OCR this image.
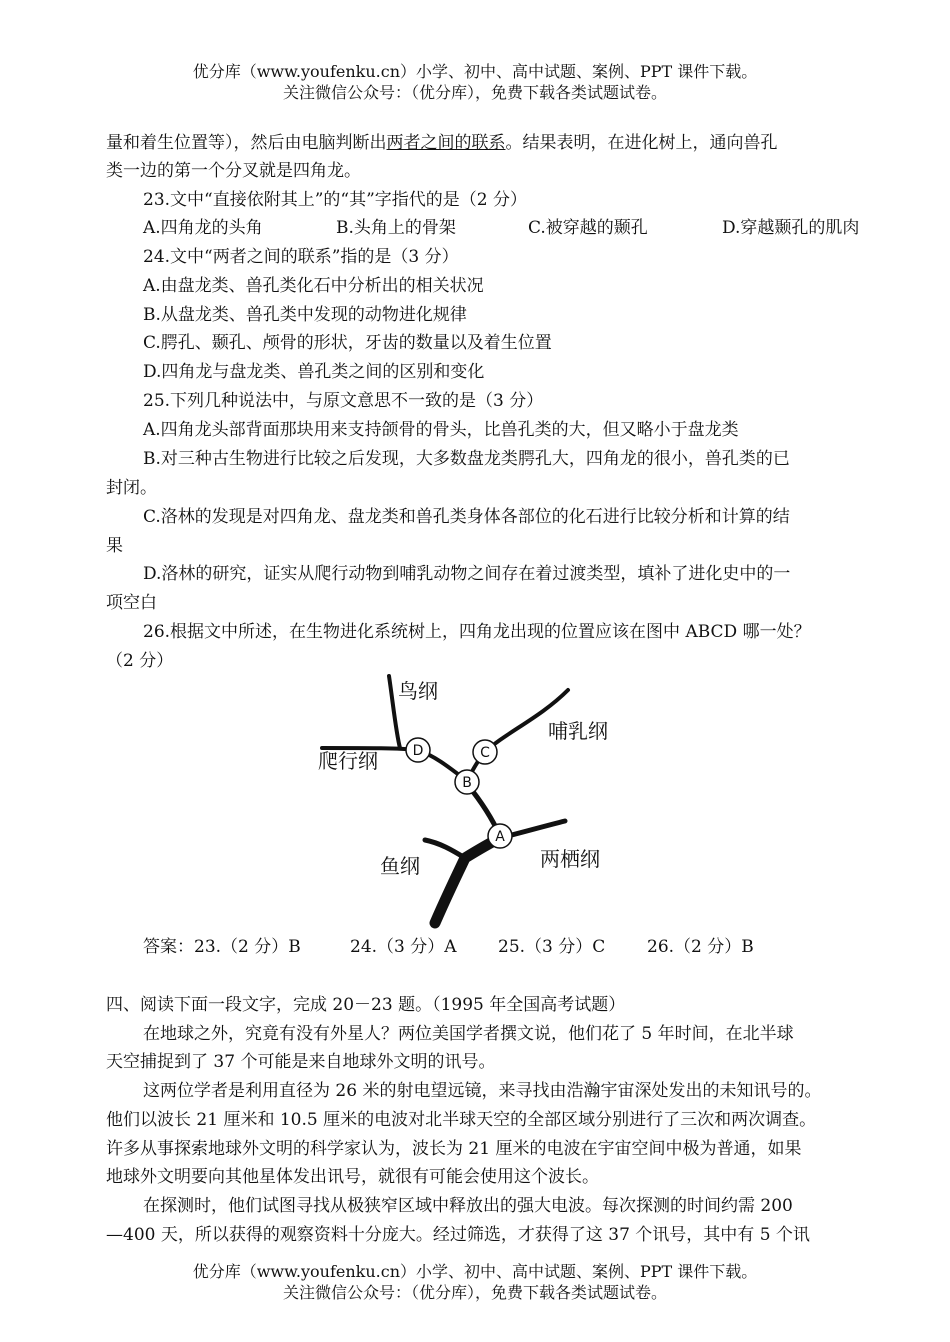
优分库（www.youfenku.cn）小学、初中、高中试题、案例、PPT 课件下载。
关注微信公众号：（优分库），免费下载各类试题试卷。
量和着生位置等），然后由电脑判断出两者之间的联系。结果表明，在进化树上，通向兽孔
类一边的第一个分叉就是四角龙。
23.文中“直接依附其上”的“其”字指代的是（2 分）
A.四角龙的头角	B.头角上的骨架	C.被穿越的颞孔	D.穿越颞孔的肌肉
24.文中“两者之间的联系”指的是（3 分）
A.由盘龙类、兽孔类化石中分析出的相关状况
B.从盘龙类、兽孔类中发现的动物进化规律
C.腭孔、颞孔、颅骨的形状，牙齿的数量以及着生位置
D.四角龙与盘龙类、兽孔类之间的区别和变化
25.下列几种说法中，与原文意思不一致的是（3 分）
A.四角龙头部背面那块用来支持颌骨的骨头，比兽孔类的大，但又略小于盘龙类
B.对三种古生物进行比较之后发现，大多数盘龙类腭孔大，四角龙的很小，兽孔类的已
封闭。
C.洛林的发现是对四角龙、盘龙类和兽孔类身体各部位的化石进行比较分析和计算的结
果
D.洛林的研究，证实从爬行动物到哺乳动物之间存在着过渡类型，填补了进化史中的一
项空白
26.根据文中所述，在生物进化系统树上，四角龙出现的位置应该在图中 ABCD 哪一处？
（2 分）
A
B
C
D
鸟纲
爬行纲
哺乳纲
鱼纲	两栖纲
答案：23.（2 分）B	24.（3 分）A 25.（3 分）C 26.（2 分）B
四、阅读下面一段文字，完成 20－23 题。（1995 年全国高考试题）
在地球之外，究竟有没有外星人？两位美国学者撰文说，他们花了 5 年时间，在北半球
天空捕捉到了 37 个可能是来自地球外文明的讯号。
这两位学者是利用直径为 26 米的射电望远镜，来寻找由浩瀚宇宙深处发出的未知讯号的。
他们以波长 21 厘米和 10.5 厘米的电波对北半球天空的全部区域分别进行了三次和两次调查。
许多从事探索地球外文明的科学家认为，波长为 21 厘米的电波在宇宙空间中极为普通，如果
地球外文明要向其他星体发出讯号，就很有可能会使用这个波长。
在探测时，他们试图寻找从极狭窄区域中释放出的强大电波。每次探测的时间约需 200
—400 天，所以获得的观察资料十分庞大。经过筛选，才获得了这 37 个讯号，其中有 5 个讯
优分库（www.youfenku.cn）小学、初中、高中试题、案例、PPT 课件下载。
关注微信公众号：（优分库），免费下载各类试题试卷。
